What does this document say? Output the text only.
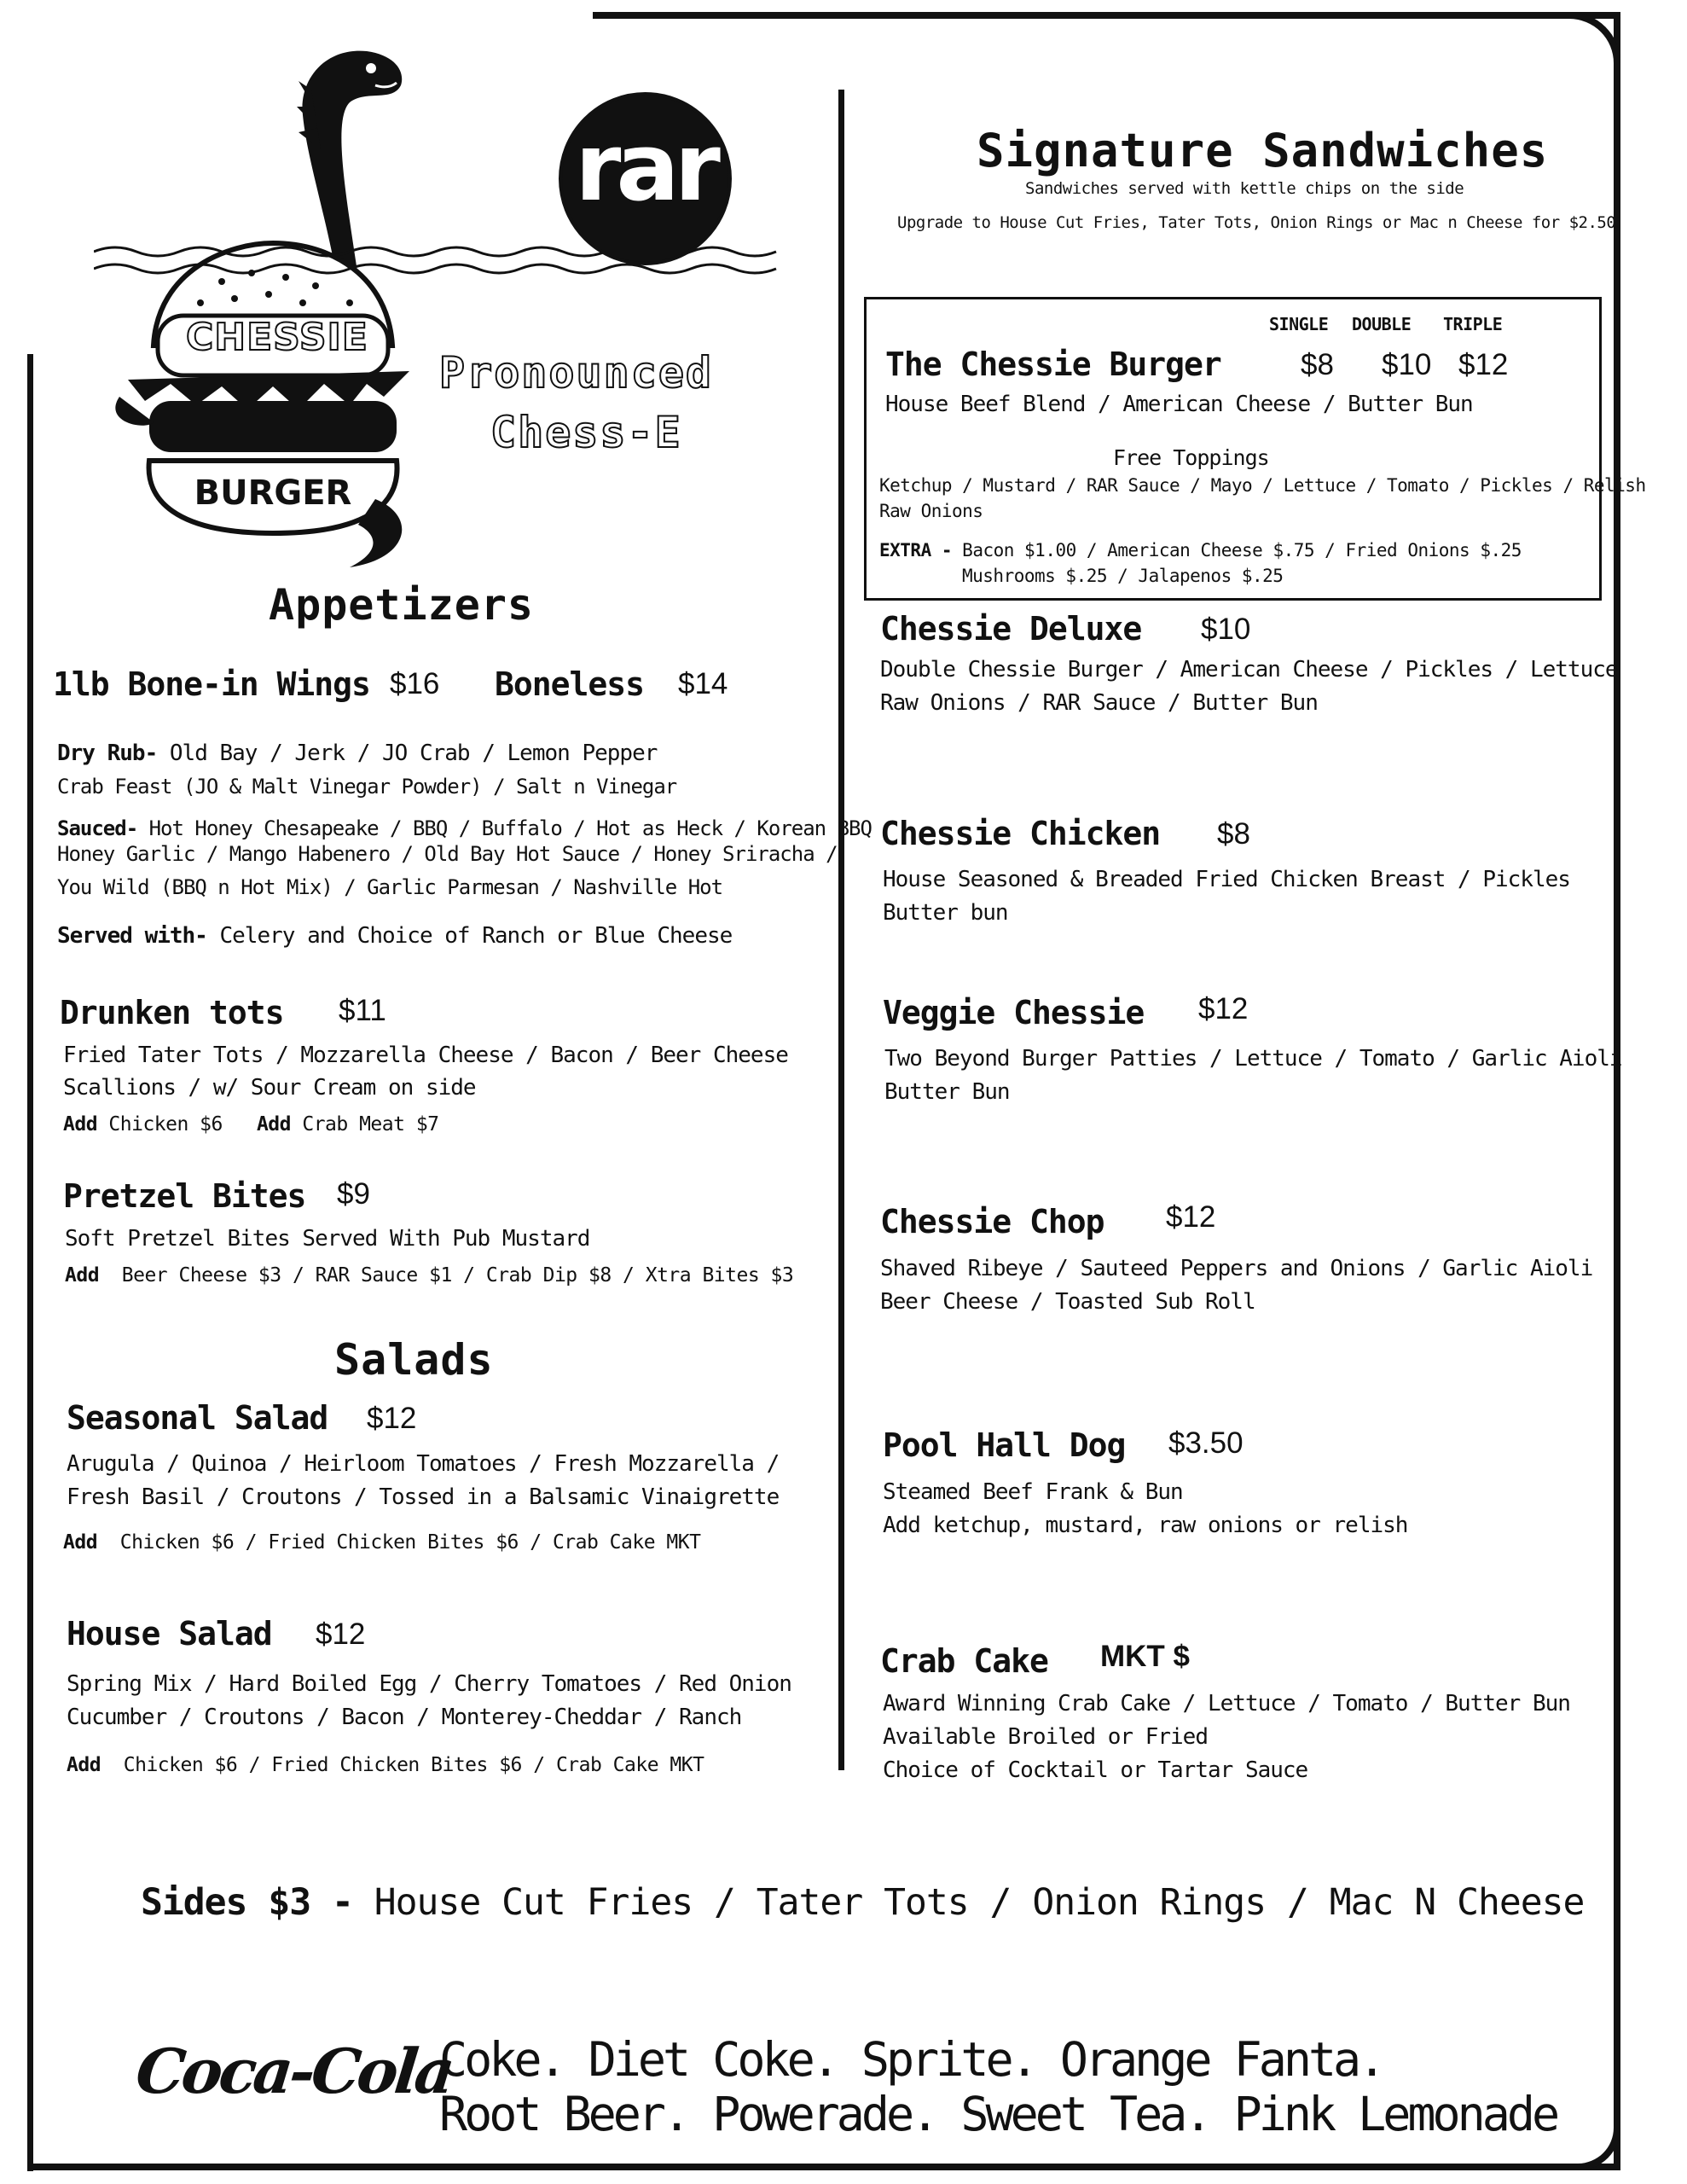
CHESSIE
BURGER
rar
Pronounced
Chess-E
Appetizers
1lb Bone-in Wings $16 Boneless $14
Dry Rub- Old Bay / Jerk / JO Crab / Lemon Pepper
Crab Feast (JO & Malt Vinegar Powder) / Salt n Vinegar
Sauced- Hot Honey Chesapeake / BBQ / Buffalo / Hot as Heck / Korean BBQ
Honey Garlic / Mango Habenero / Old Bay Hot Sauce / Honey Sriracha /
You Wild (BBQ n Hot Mix) / Garlic Parmesan / Nashville Hot
Served with- Celery and Choice of Ranch or Blue Cheese
Drunken tots $11
Fried Tater Tots / Mozzarella Cheese / Bacon / Beer Cheese
Scallions / w/ Sour Cream on side
Add Chicken $6 Add Crab Meat $7
Pretzel Bites $9
Soft Pretzel Bites Served With Pub Mustard
Add Beer Cheese $3 / RAR Sauce $1 / Crab Dip $8 / Xtra Bites $3
Salads
Seasonal Salad $12
Arugula / Quinoa / Heirloom Tomatoes / Fresh Mozzarella /
Fresh Basil / Croutons / Tossed in a Balsamic Vinaigrette
Add Chicken $6 / Fried Chicken Bites $6 / Crab Cake MKT
House Salad $12
Spring Mix / Hard Boiled Egg / Cherry Tomatoes / Red Onion
Cucumber / Croutons / Bacon / Monterey-Cheddar / Ranch
Add Chicken $6 / Fried Chicken Bites $6 / Crab Cake MKT
Signature Sandwiches
Sandwiches served with kettle chips on the side
Upgrade to House Cut Fries, Tater Tots, Onion Rings or Mac n Cheese for $2.50
SINGLE DOUBLE TRIPLE
The Chessie Burger	$8 $10 $12
House Beef Blend / American Cheese / Butter Bun
Free Toppings
Ketchup / Mustard / RAR Sauce / Mayo / Lettuce / Tomato / Pickles / Relish
Raw Onions
EXTRA - Bacon $1.00 / American Cheese $.75 / Fried Onions $.25
Mushrooms $.25 / Jalapenos $.25
Chessie Deluxe $10
Double Chessie Burger / American Cheese / Pickles / Lettuce
Raw Onions / RAR Sauce / Butter Bun
Chessie Chicken $8
House Seasoned & Breaded Fried Chicken Breast / Pickles
Butter bun
Veggie Chessie $12
Two Beyond Burger Patties / Lettuce / Tomato / Garlic Aioli
Butter Bun
Chessie Chop $12
Shaved Ribeye / Sauteed Peppers and Onions / Garlic Aioli
Beer Cheese / Toasted Sub Roll
Pool Hall Dog $3.50
Steamed Beef Frank & Bun
Add ketchup, mustard, raw onions or relish
Crab Cake MKT $
Award Winning Crab Cake / Lettuce / Tomato / Butter Bun
Available Broiled or Fried
Choice of Cocktail or Tartar Sauce
Sides $3 - House Cut Fries / Tater Tots / Onion Rings / Mac N Cheese
Coca-Cola
Coke. Diet Coke. Sprite. Orange Fanta.
Root Beer. Powerade. Sweet Tea. Pink Lemonade
